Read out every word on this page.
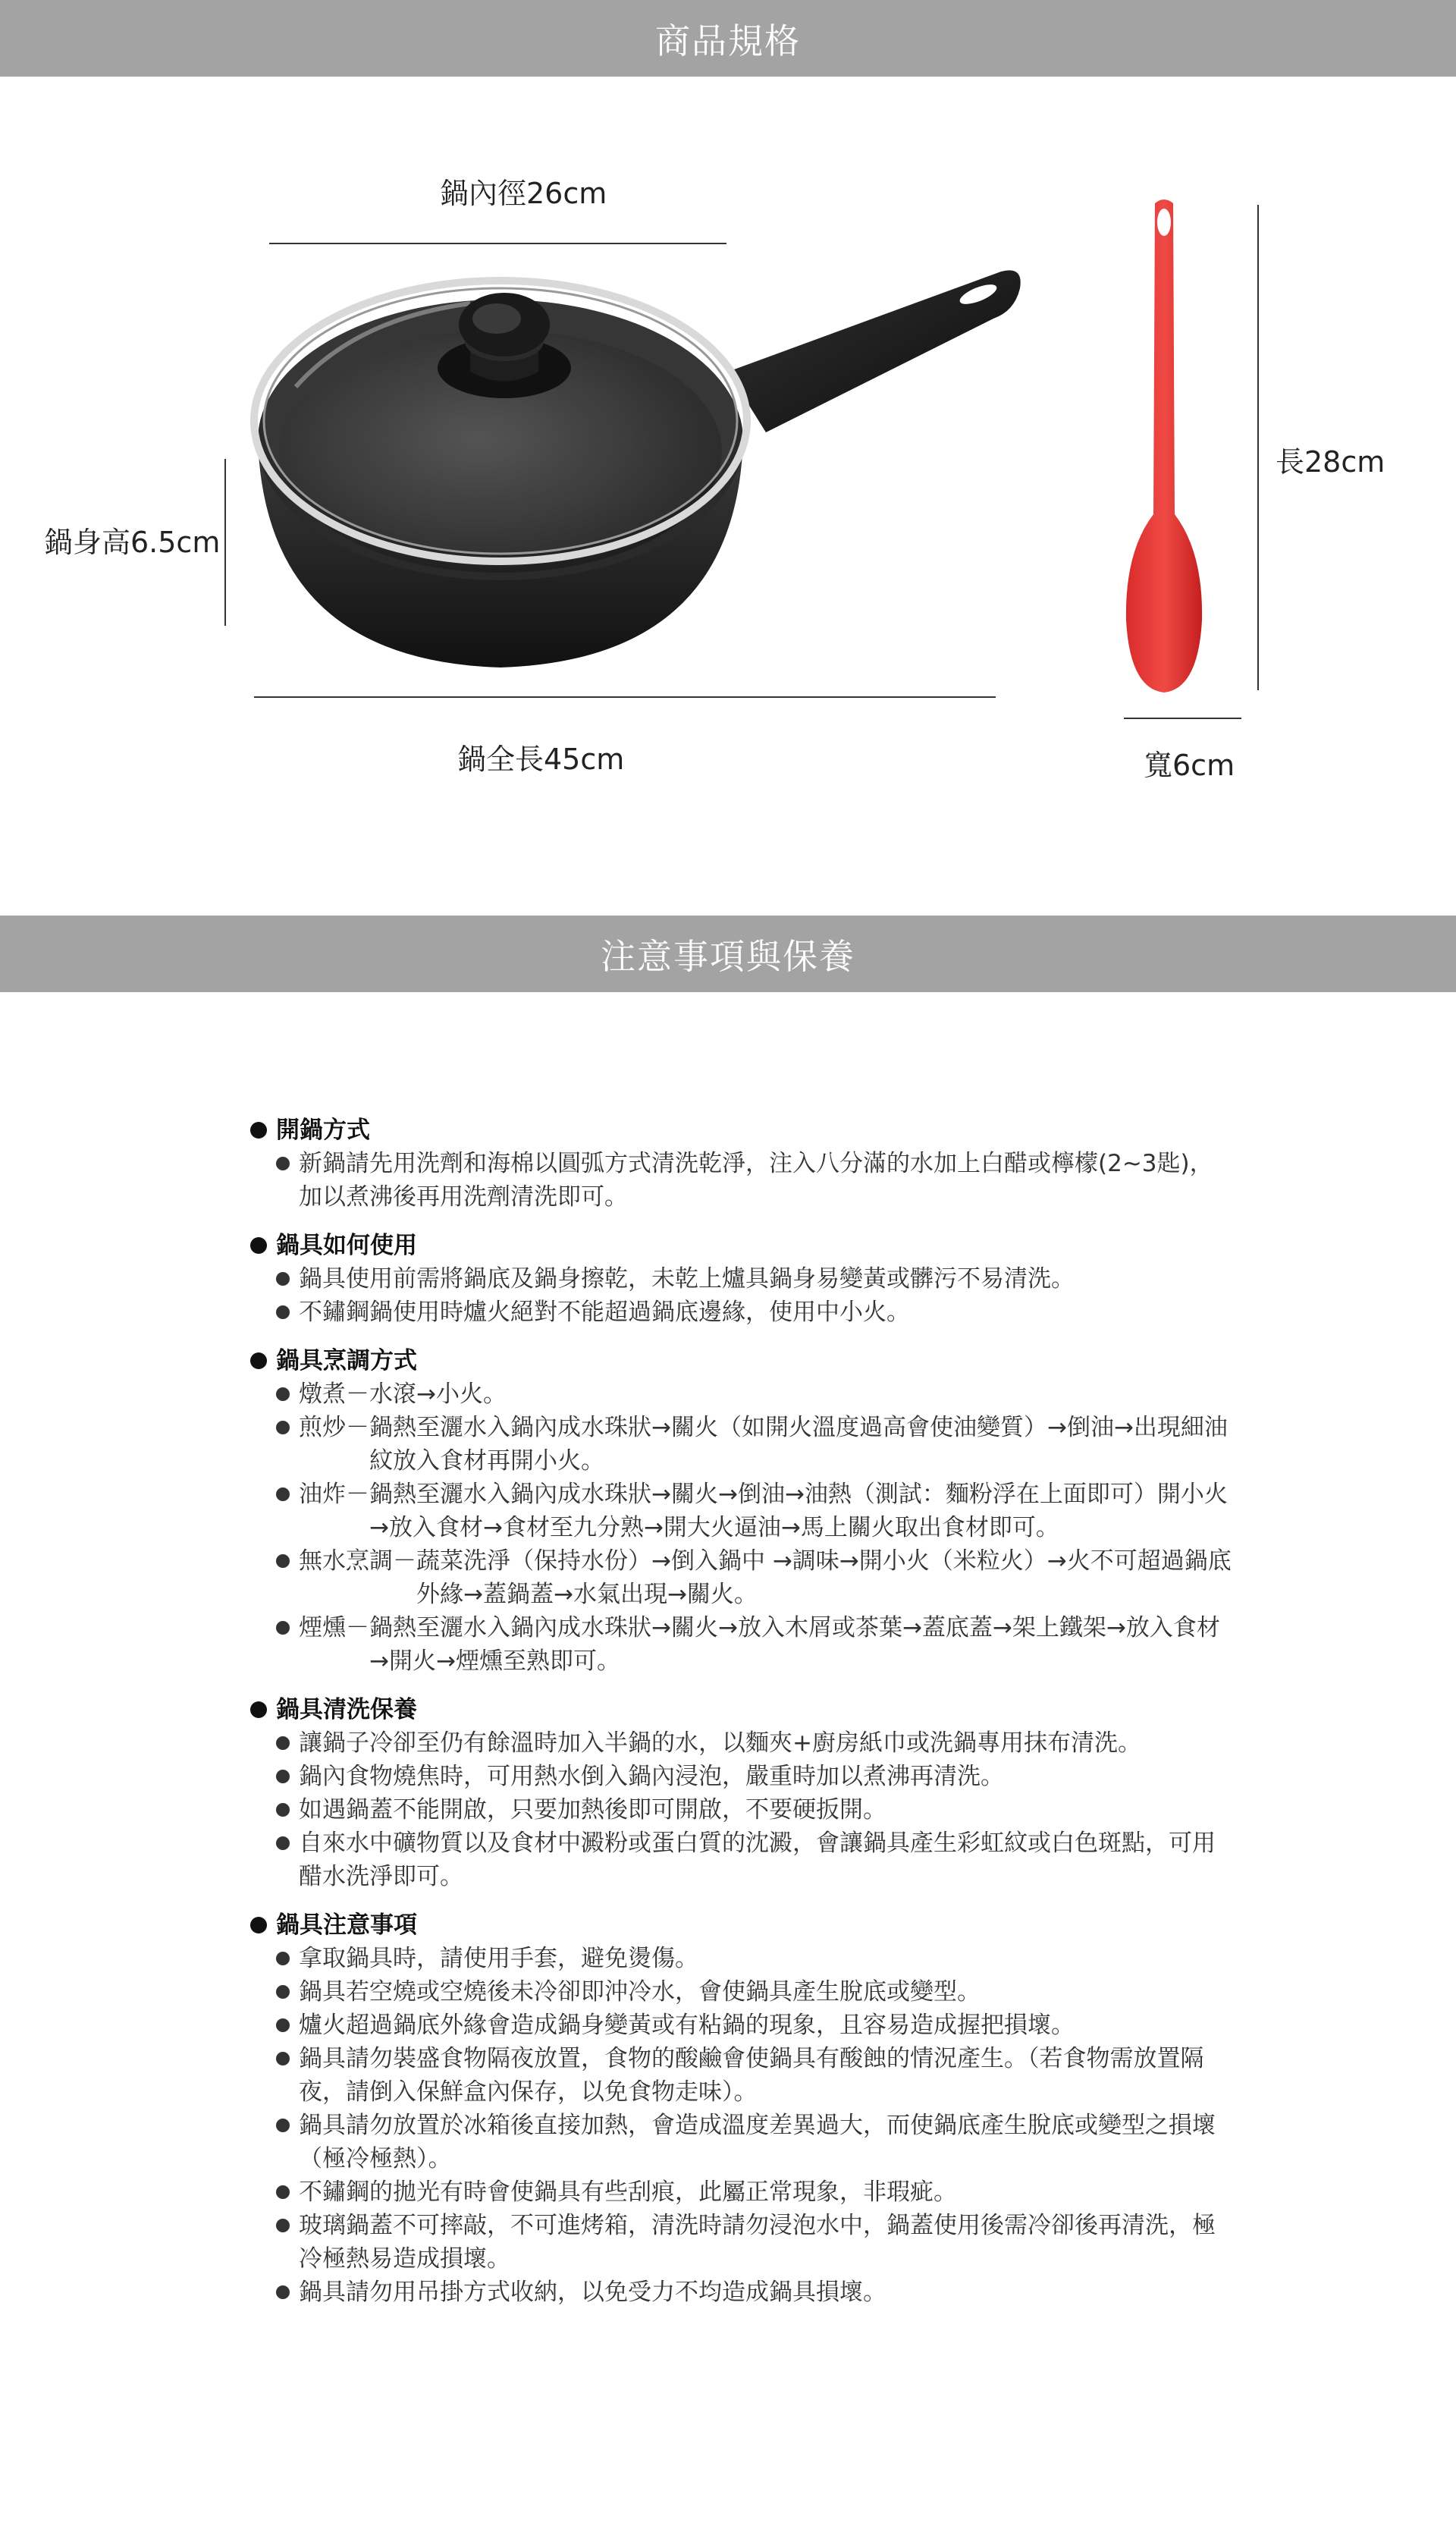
商品規格
鍋內徑26cm
鍋身高6.5cm
鍋全長45cm
長28cm
寬6cm
注意事項與保養
開鍋方式
新鍋請先用洗劑和海棉以圓弧方式清洗乾淨，注入八分滿的水加上白醋或檸檬(2~3匙)，加以煮沸後再用洗劑清洗即可。
鍋具如何使用
鍋具使用前需將鍋底及鍋身擦乾，未乾上爐具鍋身易變黃或髒污不易清洗。
不鏽鋼鍋使用時爐火絕對不能超過鍋底邊緣，使用中小火。
鍋具烹調方式
燉煮－ 水滾→小火。
煎炒－ 鍋熱至灑水入鍋內成水珠狀→關火（如開火溫度過高會使油變質）→倒油→出現細油紋放入食材再開小火。
油炸－ 鍋熱至灑水入鍋內成水珠狀→關火→倒油→油熱（測試：麵粉浮在上面即可）開小火→放入食材→食材至九分熟→開大火逼油→馬上關火取出食材即可。
無水烹調－ 蔬菜洗淨（保持水份）→倒入鍋中 →調味→開小火（米粒火）→火不可超過鍋底外緣→蓋鍋蓋→水氣出現→關火。
煙燻－ 鍋熱至灑水入鍋內成水珠狀→關火→放入木屑或茶葉→蓋底蓋→架上鐵架→放入食材→開火→煙燻至熟即可。
鍋具清洗保養
讓鍋子冷卻至仍有餘溫時加入半鍋的水，以麵夾+廚房紙巾或洗鍋專用抹布清洗。
鍋內食物燒焦時，可用熱水倒入鍋內浸泡，嚴重時加以煮沸再清洗。
如遇鍋蓋不能開啟，只要加熱後即可開啟，不要硬扳開。
自來水中礦物質以及食材中澱粉或蛋白質的沈澱，會讓鍋具產生彩虹紋或白色斑點，可用醋水洗淨即可。
鍋具注意事項
拿取鍋具時，請使用手套，避免燙傷。
鍋具若空燒或空燒後未冷卻即沖冷水，會使鍋具產生脫底或變型。
爐火超過鍋底外緣會造成鍋身變黃或有粘鍋的現象，且容易造成握把損壞。
鍋具請勿裝盛食物隔夜放置，食物的酸鹼會使鍋具有酸蝕的情況產生。（若食物需放置隔夜，請倒入保鮮盒內保存，以免食物走味）。
鍋具請勿放置於冰箱後直接加熱，會造成溫度差異過大，而使鍋底產生脫底或變型之損壞（極冷極熱）。
不鏽鋼的拋光有時會使鍋具有些刮痕，此屬正常現象，非瑕疵。
玻璃鍋蓋不可摔敲，不可進烤箱，清洗時請勿浸泡水中，鍋蓋使用後需冷卻後再清洗，極冷極熱易造成損壞。
鍋具請勿用吊掛方式收納，以免受力不均造成鍋具損壞。
